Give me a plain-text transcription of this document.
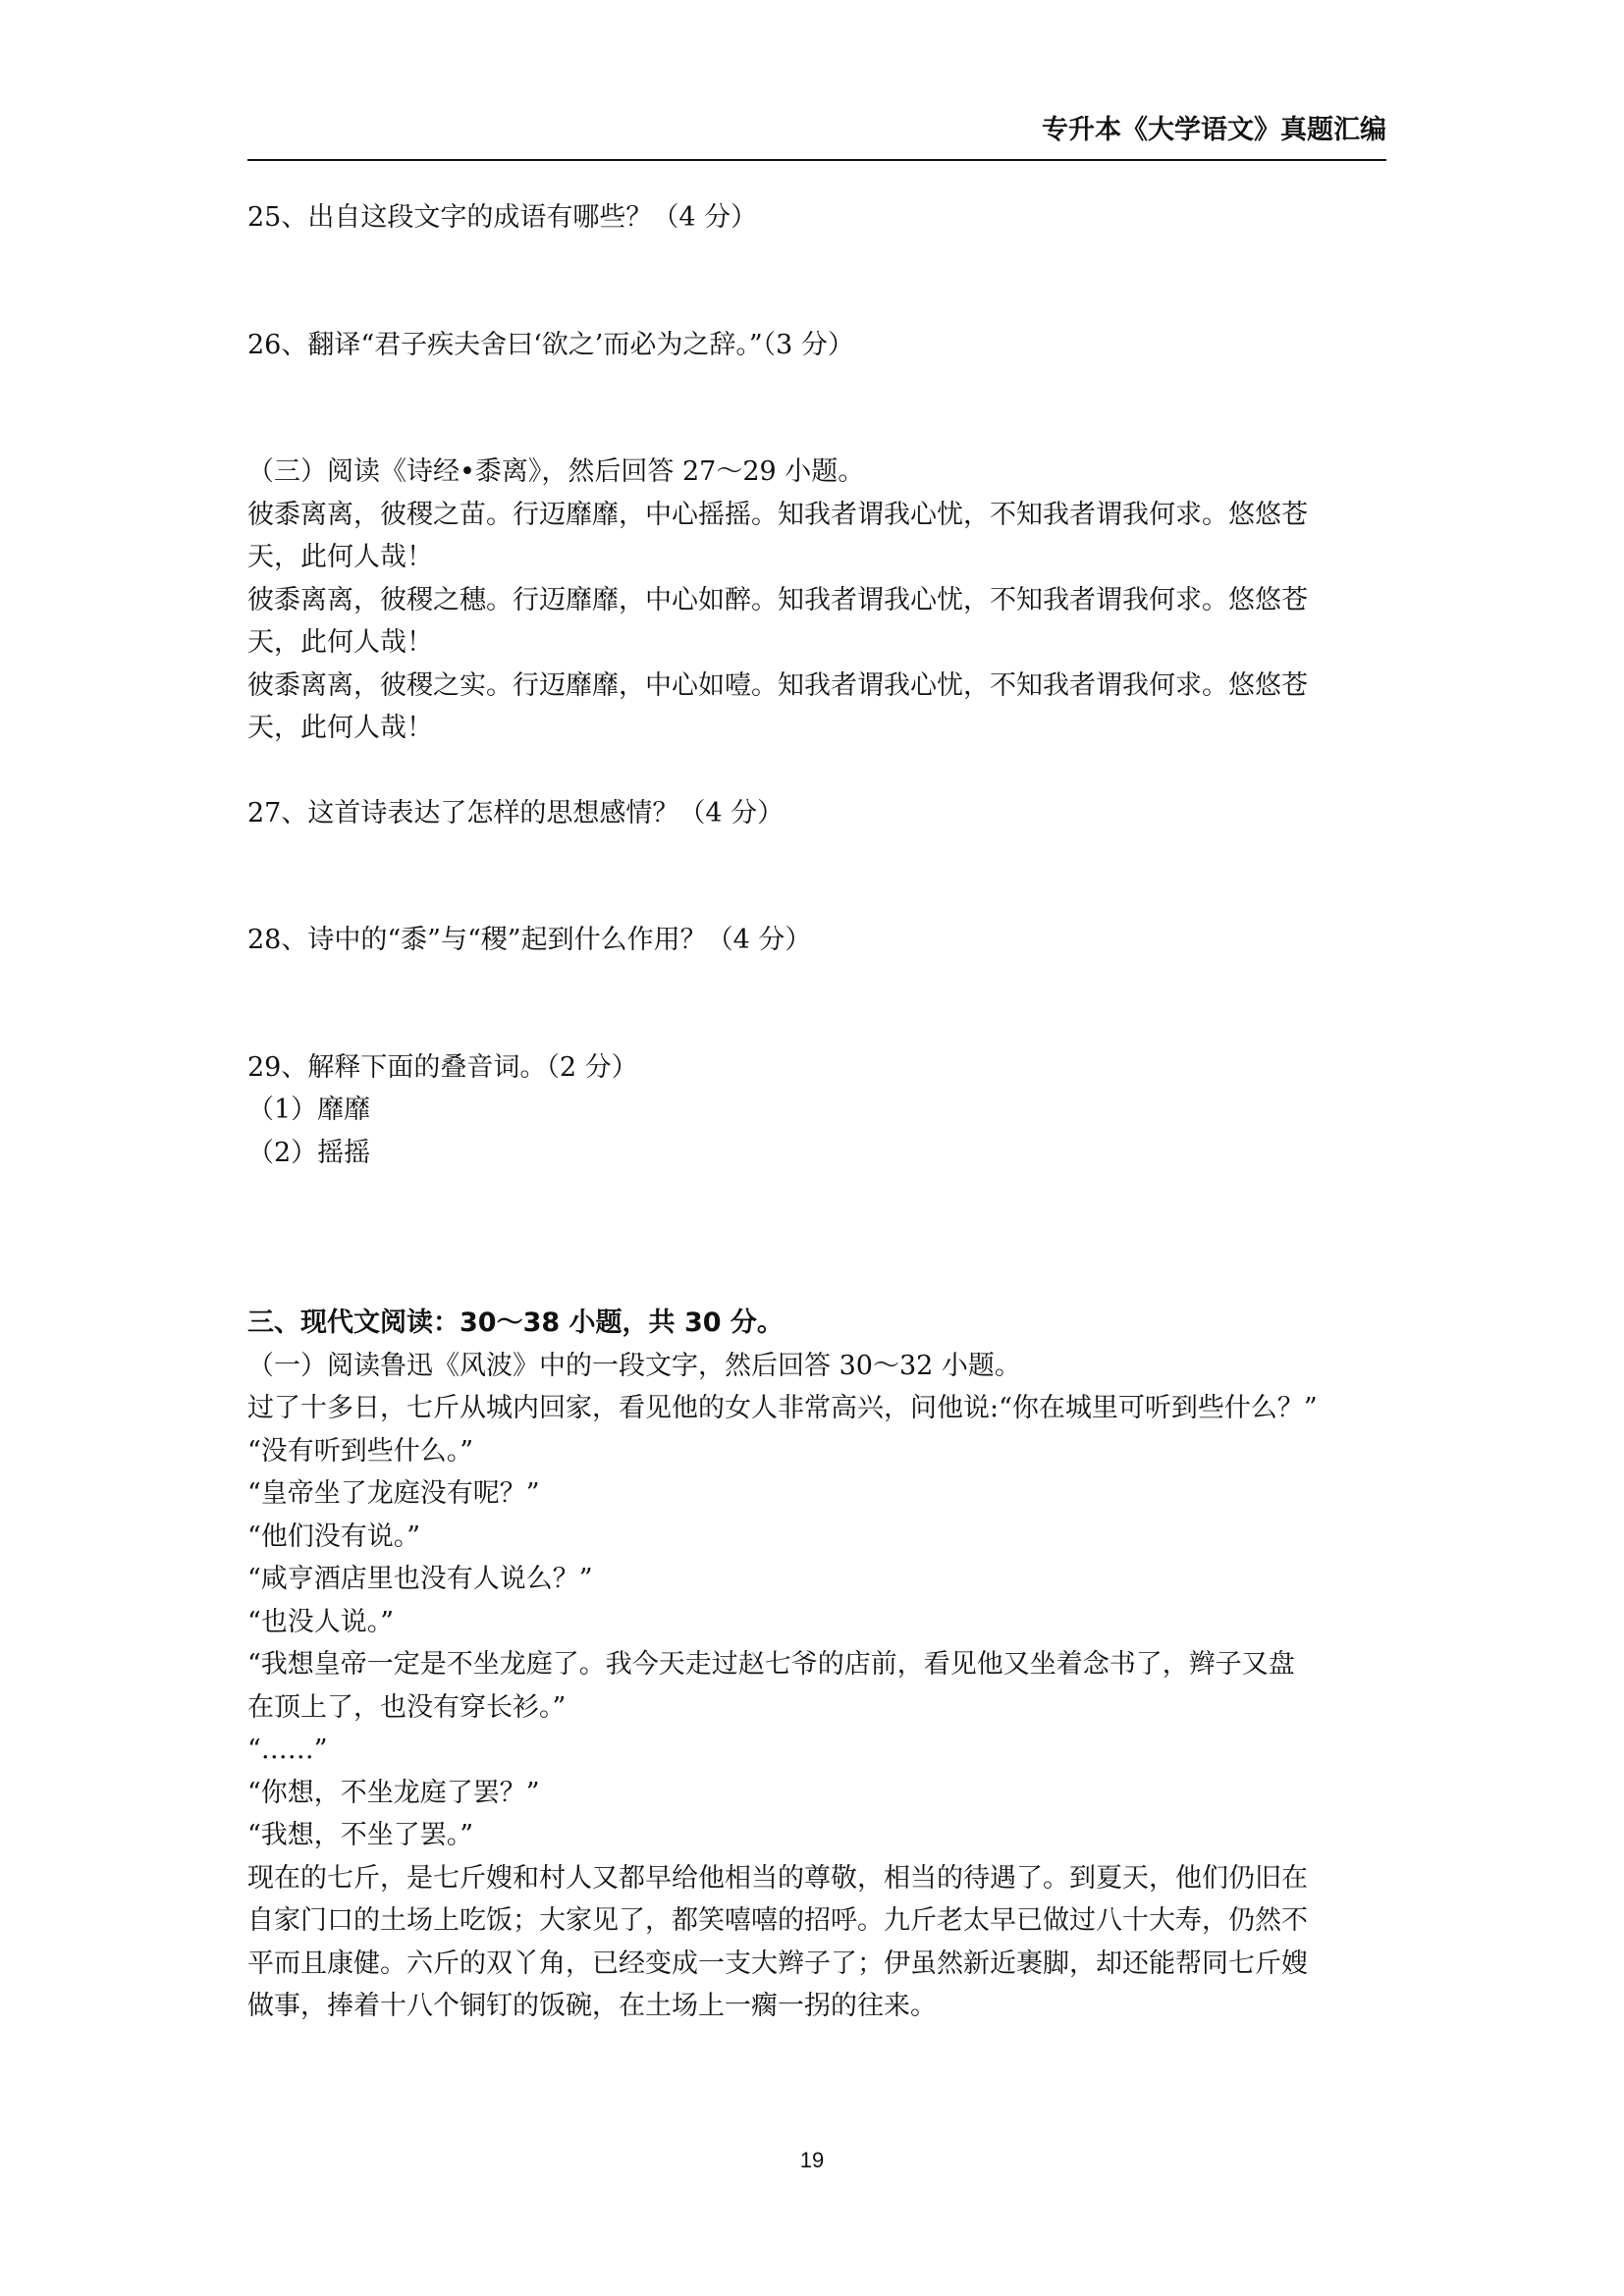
专升本《大学语文》真题汇编
25、出自这段文字的成语有哪些？（4 分）
26、翻译“君子疾夫舍曰‘欲之’而必为之辞。”（3 分）
（三）阅读《诗经•黍离》，然后回答 27～29 小题。
彼黍离离，彼稷之苗。行迈靡靡，中心摇摇。知我者谓我心忧，不知我者谓我何求。悠悠苍
天，此何人哉！
彼黍离离，彼稷之穗。行迈靡靡，中心如醉。知我者谓我心忧，不知我者谓我何求。悠悠苍
天，此何人哉！
彼黍离离，彼稷之实。行迈靡靡，中心如噎。知我者谓我心忧，不知我者谓我何求。悠悠苍
天，此何人哉！
27、这首诗表达了怎样的思想感情？（4 分）
28、诗中的“黍”与“稷”起到什么作用？（4 分）
29、解释下面的叠音词。（2 分）
（1）靡靡
（2）摇摇
三、现代文阅读：30～38 小题，共 30 分。
（一）阅读鲁迅《风波》中的一段文字，然后回答 30～32 小题。
过了十多日，七斤从城内回家，看见他的女人非常高兴，问他说:“你在城里可听到些什么？”
“没有听到些什么。”
“皇帝坐了龙庭没有呢？”
“他们没有说。”
“咸亨酒店里也没有人说么？”
“也没人说。”
“我想皇帝一定是不坐龙庭了。我今天走过赵七爷的店前，看见他又坐着念书了，辫子又盘
在顶上了，也没有穿长衫。”
“……”
“你想，不坐龙庭了罢？”
“我想，不坐了罢。”
现在的七斤，是七斤嫂和村人又都早给他相当的尊敬，相当的待遇了。到夏天，他们仍旧在
自家门口的土场上吃饭；大家见了，都笑嘻嘻的招呼。九斤老太早已做过八十大寿，仍然不
平而且康健。六斤的双丫角，已经变成一支大辫子了；伊虽然新近裹脚，却还能帮同七斤嫂
做事，捧着十八个铜钉的饭碗，在土场上一瘸一拐的往来。
19
